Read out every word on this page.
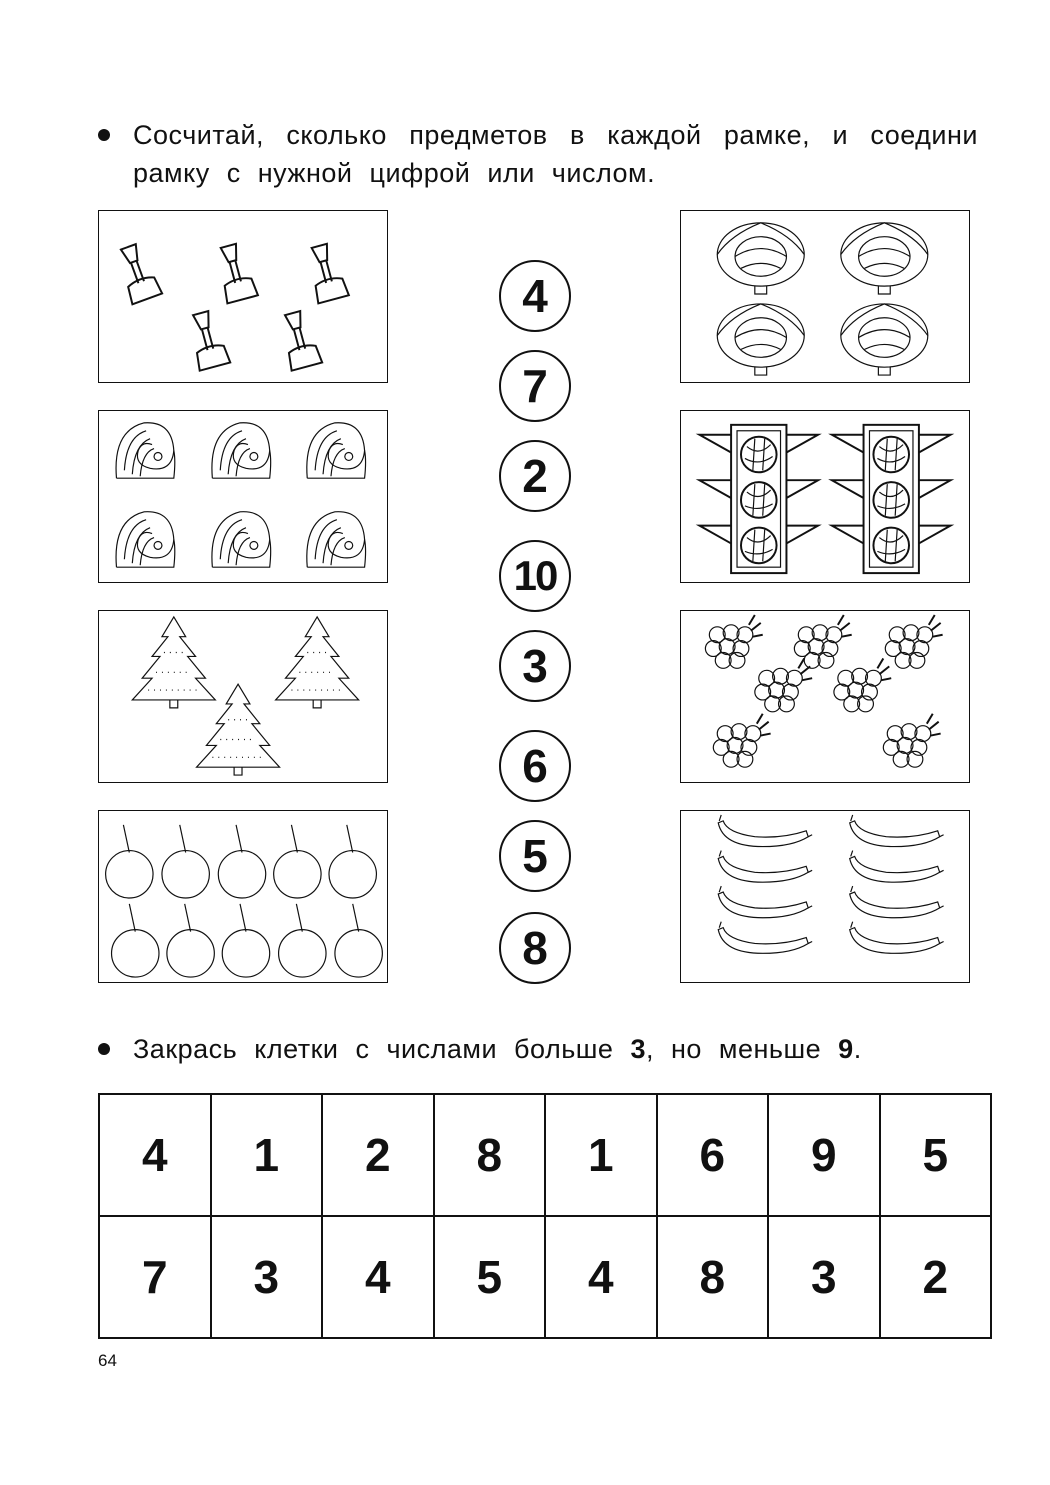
Сосчитай, сколько предметов в каждой рамке, и соедини рамку с нужной цифрой или числом.
4
7
2
10
3
6
5
8
Закрась клетки с числами больше 3, но меньше 9.
4	1	2	8	1	6	9	5
7	3	4	5	4	8	3	2
64
